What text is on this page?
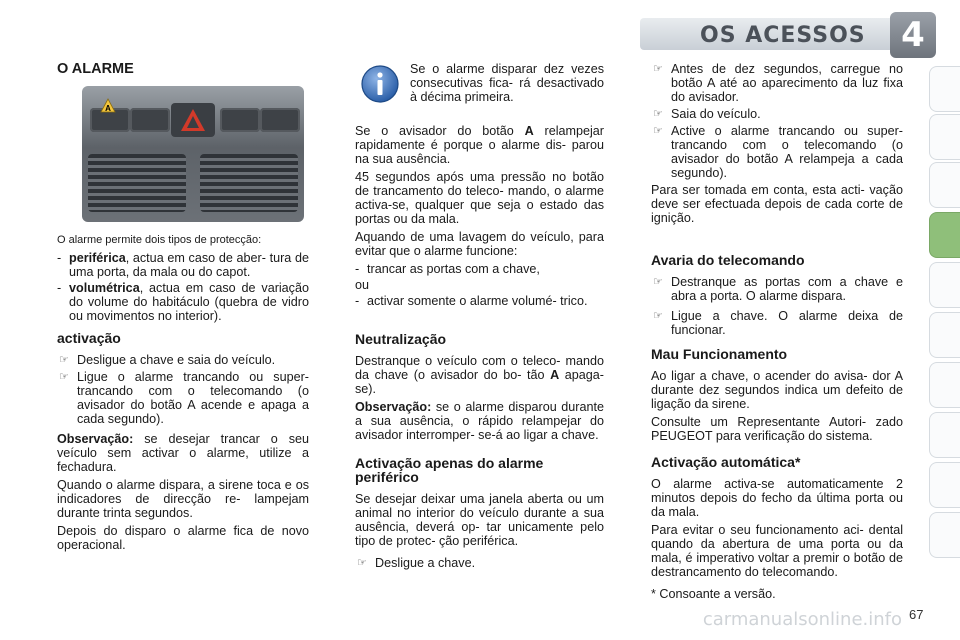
OS ACESSOS	4
O ALARME
A

O alarme permite dois tipos de protecção:

- periférica, actua em caso de aber- tura de uma porta, da mala ou do capot.
- volumétrica, actua em caso de variação do volume do habitáculo (quebra de vidro ou movimentos no interior).
activação
☞ Desligue a chave e saia do veículo.
☞ Ligue o alarme trancando ou super- trancando com o telecomando (o avisador do botão A acende e apaga a cada segundo).

Observação: se desejar trancar o seu veículo sem activar o alarme, utilize a fechadura.

Quando o alarme dispara, a sirene toca e os indicadores de direcção re- lampejam durante trinta segundos.

Depois do disparo o alarme fica de novo operacional.

Se o alarme disparar dez vezes consecutivas fica- rá desactivado à décima primeira.

Se o avisador do botão A relampejar rapidamente é porque o alarme dis- parou na sua ausência.

45 segundos após uma pressão no botão de trancamento do teleco- mando, o alarme activa-se, qualquer que seja o estado das portas ou da mala.

Aquando de uma lavagem do veículo, para evitar que o alarme funcione:

- trancar as portas com a chave,

ou

- activar somente o alarme volumé- trico.
Neutralização

Destranque o veículo com o teleco- mando da chave (o avisador do bo- tão A apaga-se).

Observação: se o alarme disparou durante a sua ausência, o rápido relampejar do avisador interromper- se-á ao ligar a chave.

Activação apenas do alarme periférico

Se desejar deixar uma janela aberta ou um animal no interior do veículo durante a sua ausência, deverá op- tar unicamente pelo tipo de protec- ção periférica.

☞ Desligue a chave.
☞ Antes de dez segundos, carregue no botão A até ao aparecimento da luz fixa do avisador.
☞ Saia do veículo.
☞ Active o alarme trancando ou super- trancando com o telecomando (o avisador do botão A relampeja a cada segundo).

Para ser tomada em conta, esta acti- vação deve ser efectuada depois de cada corte de ignição.

Avaria do telecomando
☞ Destranque as portas com a chave e abra a porta. O alarme dispara.
☞ Ligue a chave. O alarme deixa de funcionar.
Mau Funcionamento

Ao ligar a chave, o acender do avisa- dor A durante dez segundos indica um defeito de ligação da sirene.

Consulte um Representante Autori- zado PEUGEOT para verificação do sistema.

Activação automática*

O alarme activa-se automaticamente 2 minutos depois do fecho da última porta ou da mala.

Para evitar o seu funcionamento aci- dental quando da abertura de uma porta ou da mala, é imperativo voltar a premir o botão de destrancamento do telecomando.

* Consoante a versão.

carmanualsonline.info 67
